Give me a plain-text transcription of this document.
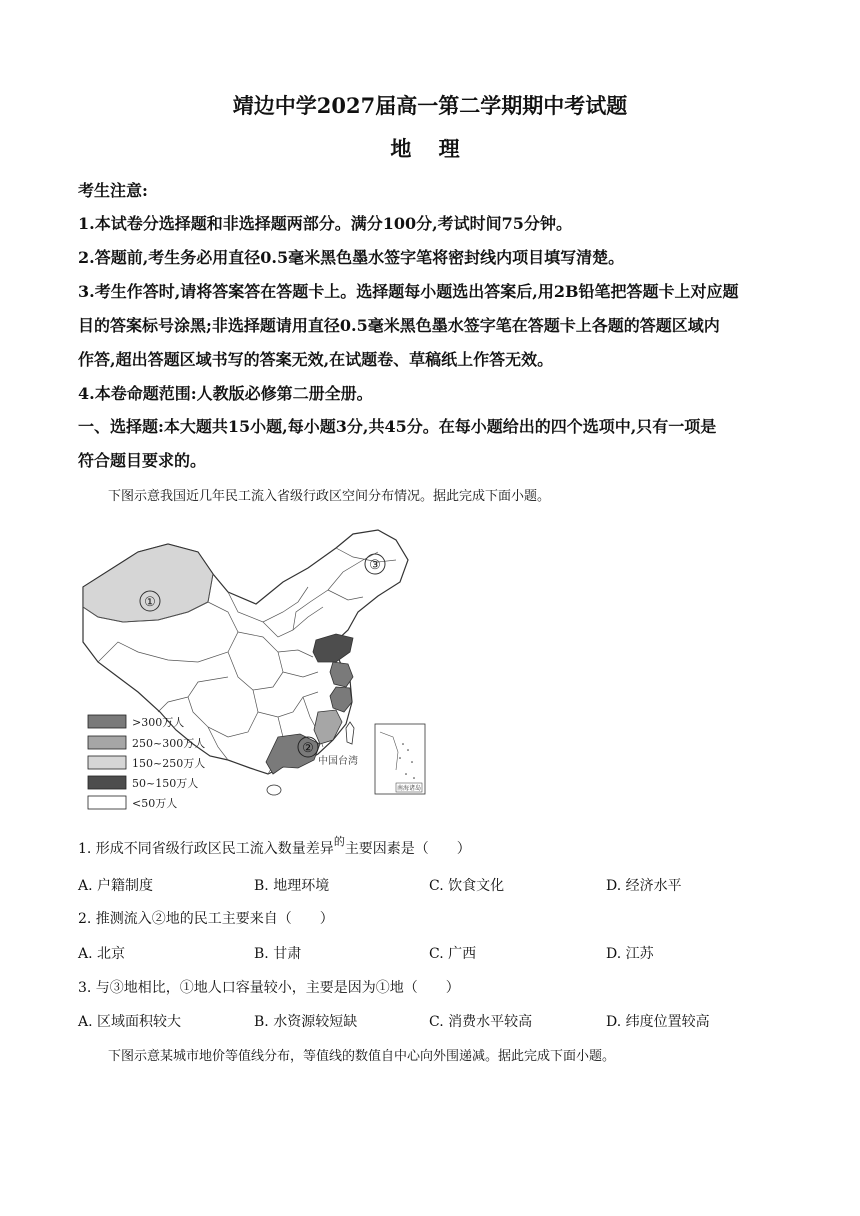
靖边中学2027届高一第二学期期中考试题
地 理
考生注意:
1.本试卷分选择题和非选择题两部分。满分100分,考试时间75分钟。
2.答题前,考生务必用直径0.5毫米黑色墨水签字笔将密封线内项目填写清楚。
3.考生作答时,请将答案答在答题卡上。选择题每小题选出答案后,用2B铅笔把答题卡上对应题
目的答案标号涂黑;非选择题请用直径0.5毫米黑色墨水签字笔在答题卡上各题的答题区域内
作答,超出答题区域书写的答案无效,在试题卷、草稿纸上作答无效。
4.本卷命题范围:人教版必修第二册全册。
一、选择题:本大题共15小题,每小题3分,共45分。在每小题给出的四个选项中,只有一项是
符合题目要求的。
下图示意我国近几年民工流入省级行政区空间分布情况。据此完成下面小题。
①
②
③
中国台湾
南海诸岛
>300万人
250~300万人
150~250万人
50~150万人
<50万人
1. 形成不同省级行政区民工流入数量差异$^的$主要因素是（　　）
A. 户籍制度	B. 地理环境	C. 饮食文化	D. 经济水平
2. 推测流入②地的民工主要来自（　　）
A. 北京	B. 甘肃	C. 广西	D. 江苏
3. 与③地相比，①地人口容量较小，主要是因为①地（　　）
A. 区域面积较大	B. 水资源较短缺	C. 消费水平较高	D. 纬度位置较高
下图示意某城市地价等值线分布，等值线的数值自中心向外围递减。据此完成下面小题。
